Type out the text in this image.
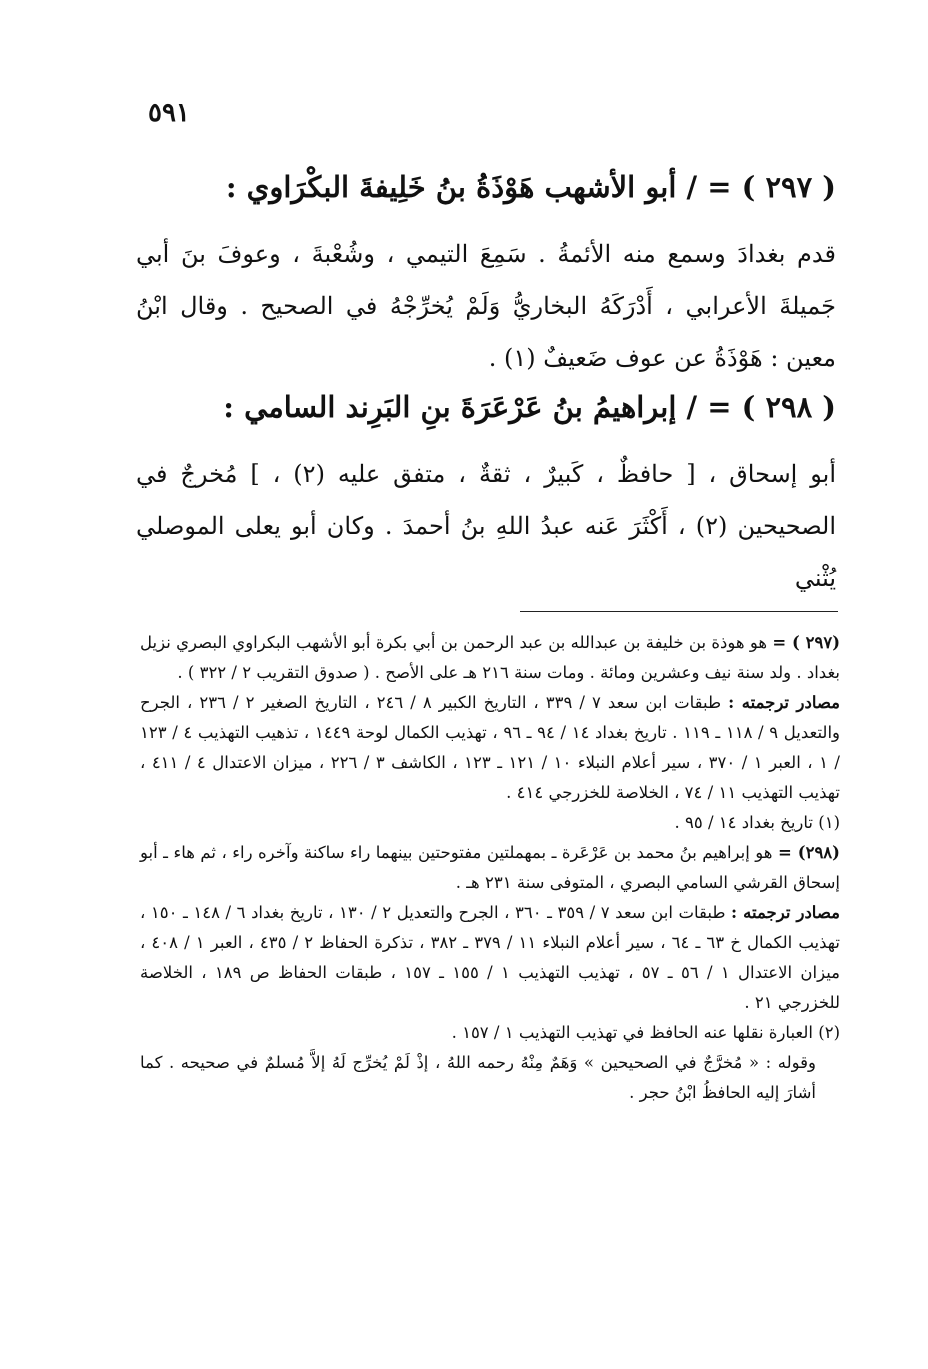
٥٩١
( ٢٩٧ ) = / أبو الأشهب هَوْذَةُ بنُ خَلِيفةَ البكْرَاوي :
قدم بغدادَ وسمع منه الأئمةُ . سَمِعَ التيمي ، وشُعْبةَ ، وعوفَ بنَ أبي جَميلةَ الأعرابي ، أَدْرَكَهُ البخاريُّ وَلَمْ يُخرِّجْهُ في الصحيح . وقال ابْنُ معين : هَوْذَةُ عن عوف ضَعيفٌ (١) .
( ٢٩٨ ) = / إبراهيمُ بنُ عَرْعَرَةَ بنِ البَرِند السامي :
أبو إسحاق ، [ حافظٌ ، كَبيرٌ ، ثقةٌ ، متفق عليه (٢) ، ] مُخرجٌ في الصحيحين (٢) ، أَكْثَرَ عَنه عبدُ اللهِ بنُ أحمدَ . وكان أبو يعلى الموصلي يُثْني

(٢٩٧ ) = هو هوذة بن خليفة بن عبدالله بن عبد الرحمن بن أبي بكرة أبو الأشهب البكراوي البصري نزيل بغداد . ولد سنة نيف وعشرين ومائة . ومات سنة ٢١٦ هـ على الأصح . ( صدوق التقريب ٢ / ٣٢٢ ) .

مصادر ترجمته : طبقات ابن سعد ٧ / ٣٣٩ ، التاريخ الكبير ٨ / ٢٤٦ ، التاريخ الصغير ٢ / ٢٣٦ ، الجرح والتعديل ٩ / ١١٨ ـ ١١٩ . تاريخ بغداد ١٤ / ٩٤ ـ ٩٦ ، تهذيب الكمال لوحة ١٤٤٩ ، تذهيب التهذيب ٤ / ١٢٣ / ١ ، العبر ١ / ٣٧٠ ، سير أعلام النبلاء ١٠ / ١٢١ ـ ١٢٣ ، الكاشف ٣ / ٢٢٦ ، ميزان الاعتدال ٤ / ٤١١ ، تهذيب التهذيب ١١ / ٧٤ ، الخلاصة للخزرجي ٤١٤ .

(١) تاريخ بغداد ١٤ / ٩٥ .

(٢٩٨) = هو إبراهيم بنُ محمد بن عَرْعَرة ـ بمهملتين مفتوحتين بينهما راء ساكنة وآخره راء ، ثم هاء ـ أبو إسحاق القرشي السامي البصري ، المتوفى سنة ٢٣١ هـ .

مصادر ترجمته : طبقات ابن سعد ٧ / ٣٥٩ ـ ٣٦٠ ، الجرح والتعديل ٢ / ١٣٠ ، تاريخ بغداد ٦ / ١٤٨ ـ ١٥٠ ، تهذيب الكمال خ ٦٣ ـ ٦٤ ، سير أعلام النبلاء ١١ / ٣٧٩ ـ ٣٨٢ ، تذكرة الحفاظ ٢ / ٤٣٥ ، العبر ١ / ٤٠٨ ، ميزان الاعتدال ١ / ٥٦ ـ ٥٧ ، تهذيب التهذيب ١ / ١٥٥ ـ ١٥٧ ، طبقات الحفاظ ص ١٨٩ ، الخلاصة للخزرجي ٢١ .

(٢) العبارة نقلها عنه الحافظ في تهذيب التهذيب ١ / ١٥٧ .

وقوله : « مُخرَّجٌ في الصحيحين » وَهَمٌ مِنْهُ رحمه اللهُ ، إذْ لَمْ يُخرِّج لَهُ إلاَّ مُسلمٌ في صحيحه . كما أشارَ إليه الحافظُ ابْنُ حجر .
